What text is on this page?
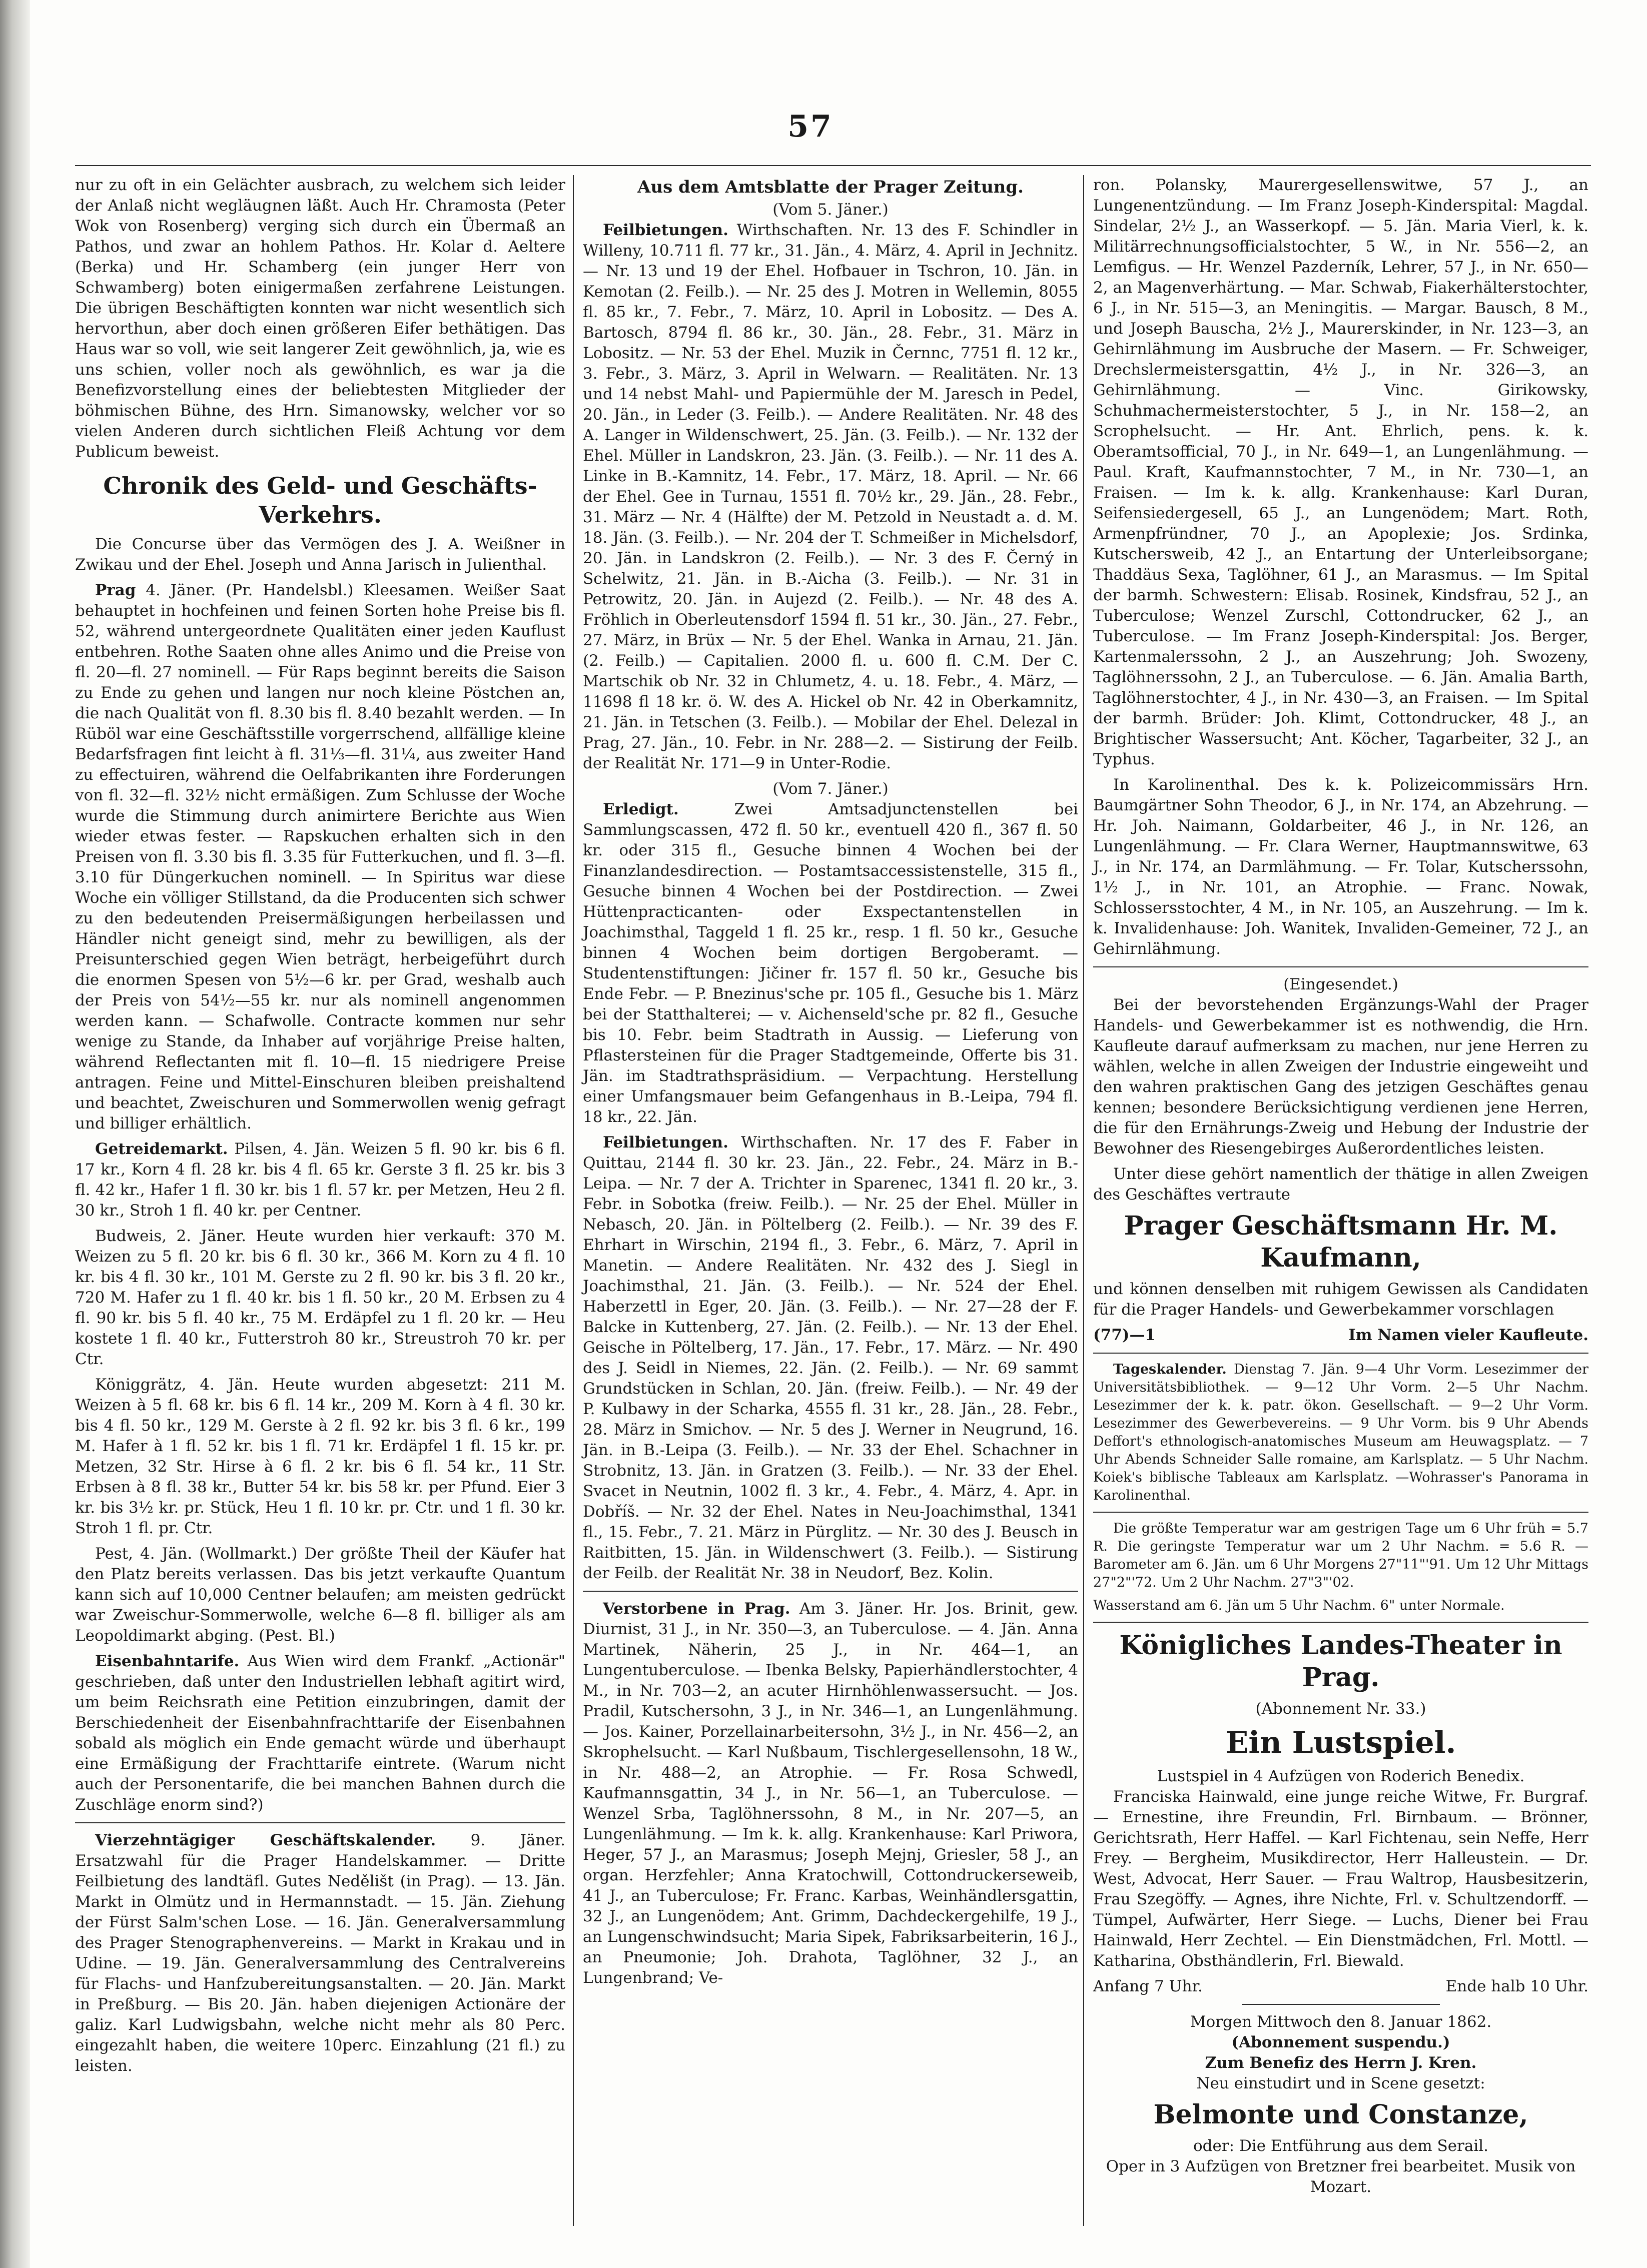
57

nur zu oft in ein Gelächter ausbrach, zu welchem sich leider der Anlaß nicht wegläugnen läßt. Auch Hr. Chramosta (Peter Wok von Rosenberg) verging sich durch ein Übermaß an Pathos, und zwar an hohlem Pathos. Hr. Kolar d. Aeltere (Berka) und Hr. Schamberg (ein junger Herr von Schwamberg) boten einigermaßen zerfahrene Leistungen. Die übrigen Beschäftigten konnten war nicht wesentlich sich hervorthun, aber doch einen größeren Eifer bethätigen. Das Haus war so voll, wie seit langerer Zeit gewöhnlich, ja, wie es uns schien, voller noch als gewöhnlich, es war ja die Benefizvorstellung eines der beliebtesten Mitglieder der böhmischen Bühne, des Hrn. Simanowsky, welcher vor so vielen Anderen durch sichtlichen Fleiß Achtung vor dem Publicum beweist.

Chronik des Geld- und Geschäfts-Verkehrs.

Die Concurse über das Vermögen des J. A. Weißner in Zwikau und der Ehel. Joseph und Anna Jarisch in Julienthal.

Prag 4. Jäner. (Pr. Handelsbl.) Kleesamen. Weißer Saat behauptet in hochfeinen und feinen Sorten hohe Preise bis fl. 52, während untergeordnete Qualitäten einer jeden Kauflust entbehren. Rothe Saaten ohne alles Animo und die Preise von fl. 20—fl. 27 nominell. — Für Raps beginnt bereits die Saison zu Ende zu gehen und langen nur noch kleine Pöstchen an, die nach Qualität von fl. 8.30 bis fl. 8.40 bezahlt werden. — In Rüböl war eine Geschäftsstille vorgerrschend, allfällige kleine Bedarfsfragen fint leicht à fl. 31⅓—fl. 31¼, aus zweiter Hand zu effectuiren, während die Oelfabrikanten ihre Forderungen von fl. 32—fl. 32½ nicht ermäßigen. Zum Schlusse der Woche wurde die Stimmung durch animirtere Berichte aus Wien wieder etwas fester. — Rapskuchen erhalten sich in den Preisen von fl. 3.30 bis fl. 3.35 für Futterkuchen, und fl. 3—fl. 3.10 für Düngerkuchen nominell. — In Spiritus war diese Woche ein völliger Stillstand, da die Producenten sich schwer zu den bedeutenden Preisermäßigungen herbeilassen und Händler nicht geneigt sind, mehr zu bewilligen, als der Preisunterschied gegen Wien beträgt, herbeigeführt durch die enormen Spesen von 5½—6 kr. per Grad, weshalb auch der Preis von 54½—55 kr. nur als nominell angenommen werden kann. — Schafwolle. Contracte kommen nur sehr wenige zu Stande, da Inhaber auf vorjährige Preise halten, während Reflectanten mit fl. 10—fl. 15 niedrigere Preise antragen. Feine und Mittel-Einschuren bleiben preishaltend und beachtet, Zweischuren und Sommerwollen wenig gefragt und billiger erhältlich.

Getreidemarkt. Pilsen, 4. Jän. Weizen 5 fl. 90 kr. bis 6 fl. 17 kr., Korn 4 fl. 28 kr. bis 4 fl. 65 kr. Gerste 3 fl. 25 kr. bis 3 fl. 42 kr., Hafer 1 fl. 30 kr. bis 1 fl. 57 kr. per Metzen, Heu 2 fl. 30 kr., Stroh 1 fl. 40 kr. per Centner.

Budweis, 2. Jäner. Heute wurden hier verkauft: 370 M. Weizen zu 5 fl. 20 kr. bis 6 fl. 30 kr., 366 M. Korn zu 4 fl. 10 kr. bis 4 fl. 30 kr., 101 M. Gerste zu 2 fl. 90 kr. bis 3 fl. 20 kr., 720 M. Hafer zu 1 fl. 40 kr. bis 1 fl. 50 kr., 20 M. Erbsen zu 4 fl. 90 kr. bis 5 fl. 40 kr., 75 M. Erdäpfel zu 1 fl. 20 kr. — Heu kostete 1 fl. 40 kr., Futterstroh 80 kr., Streustroh 70 kr. per Ctr.

Königgrätz, 4. Jän. Heute wurden abgesetzt: 211 M. Weizen à 5 fl. 68 kr. bis 6 fl. 14 kr., 209 M. Korn à 4 fl. 30 kr. bis 4 fl. 50 kr., 129 M. Gerste à 2 fl. 92 kr. bis 3 fl. 6 kr., 199 M. Hafer à 1 fl. 52 kr. bis 1 fl. 71 kr. Erdäpfel 1 fl. 15 kr. pr. Metzen, 32 Str. Hirse à 6 fl. 2 kr. bis 6 fl. 54 kr., 11 Str. Erbsen à 8 fl. 38 kr., Butter 54 kr. bis 58 kr. per Pfund. Eier 3 kr. bis 3½ kr. pr. Stück, Heu 1 fl. 10 kr. pr. Ctr. und 1 fl. 30 kr. Stroh 1 fl. pr. Ctr.

Pest, 4. Jän. (Wollmarkt.) Der größte Theil der Käufer hat den Platz bereits verlassen. Das bis jetzt verkaufte Quantum kann sich auf 10,000 Centner belaufen; am meisten gedrückt war Zweischur-Sommerwolle, welche 6—8 fl. billiger als am Leopoldimarkt abging. (Pest. Bl.)

Eisenbahntarife. Aus Wien wird dem Frankf. „Actionär" geschrieben, daß unter den Industriellen lebhaft agitirt wird, um beim Reichsrath eine Petition einzubringen, damit der Berschiedenheit der Eisenbahnfrachttarife der Eisenbahnen sobald als möglich ein Ende gemacht würde und überhaupt eine Ermäßigung der Frachttarife eintrete. (Warum nicht auch der Personentarife, die bei manchen Bahnen durch die Zuschläge enorm sind?)

Vierzehntägiger Geschäftskalender. 9. Jäner. Ersatzwahl für die Prager Handelskammer. — Dritte Feilbietung des landtäfl. Gutes Nedělišt (in Prag). — 13. Jän. Markt in Olmütz und in Hermannstadt. — 15. Jän. Ziehung der Fürst Salm'schen Lose. — 16. Jän. Generalversammlung des Prager Stenographenvereins. — Markt in Krakau und in Udine. — 19. Jän. Generalversammlung des Centralvereins für Flachs- und Hanfzubereitungsanstalten. — 20. Jän. Markt in Preßburg. — Bis 20. Jän. haben diejenigen Actionäre der galiz. Karl Ludwigsbahn, welche nicht mehr als 80 Perc. eingezahlt haben, die weitere 10perc. Einzahlung (21 fl.) zu leisten.

Aus dem Amtsblatte der Prager Zeitung.
(Vom 5. Jäner.)

Feilbietungen. Wirthschaften. Nr. 13 des F. Schindler in Willeny, 10.711 fl. 77 kr., 31. Jän., 4. März, 4. April in Jechnitz. — Nr. 13 und 19 der Ehel. Hofbauer in Tschron, 10. Jän. in Kemotan (2. Feilb.). — Nr. 25 des J. Motren in Wellemin, 8055 fl. 85 kr., 7. Febr., 7. März, 10. April in Lobositz. — Des A. Bartosch, 8794 fl. 86 kr., 30. Jän., 28. Febr., 31. März in Lobositz. — Nr. 53 der Ehel. Muzik in Černnc, 7751 fl. 12 kr., 3. Febr., 3. März, 3. April in Welwarn. — Realitäten. Nr. 13 und 14 nebst Mahl- und Papiermühle der M. Jaresch in Pedel, 20. Jän., in Leder (3. Feilb.). — Andere Realitäten. Nr. 48 des A. Langer in Wildenschwert, 25. Jän. (3. Feilb.). — Nr. 132 der Ehel. Müller in Landskron, 23. Jän. (3. Feilb.). — Nr. 11 des A. Linke in B.-Kamnitz, 14. Febr., 17. März, 18. April. — Nr. 66 der Ehel. Gee in Turnau, 1551 fl. 70½ kr., 29. Jän., 28. Febr., 31. März — Nr. 4 (Hälfte) der M. Petzold in Neustadt a. d. M. 18. Jän. (3. Feilb.). — Nr. 204 der T. Schmeißer in Michelsdorf, 20. Jän. in Landskron (2. Feilb.). — Nr. 3 des F. Černý in Schelwitz, 21. Jän. in B.-Aicha (3. Feilb.). — Nr. 31 in Petrowitz, 20. Jän. in Aujezd (2. Feilb.). — Nr. 48 des A. Fröhlich in Oberleutensdorf 1594 fl. 51 kr., 30. Jän., 27. Febr., 27. März, in Brüx — Nr. 5 der Ehel. Wanka in Arnau, 21. Jän. (2. Feilb.) — Capitalien. 2000 fl. u. 600 fl. C.M. Der C. Martschik ob Nr. 32 in Chlumetz, 4. u. 18. Febr., 4. März, — 11698 fl 18 kr. ö. W. des A. Hickel ob Nr. 42 in Oberkamnitz, 21. Jän. in Tetschen (3. Feilb.). — Mobilar der Ehel. Delezal in Prag, 27. Jän., 10. Febr. in Nr. 288—2. — Sistirung der Feilb. der Realität Nr. 171—9 in Unter-Rodie.

(Vom 7. Jäner.)

Erledigt.	Zwei Amtsadjunctenstellen bei Sammlungscassen, 472 fl. 50 kr., eventuell 420 fl., 367 fl. 50 kr. oder 315 fl., Gesuche binnen 4 Wochen bei der Finanzlandesdirection. — Postamtsaccessistenstelle, 315 fl., Gesuche binnen 4 Wochen bei der Postdirection. — Zwei Hüttenpracticanten- oder Exspectantenstellen in Joachimsthal, Taggeld 1 fl. 25 kr., resp. 1 fl. 50 kr., Gesuche binnen 4 Wochen beim dortigen Bergoberamt. — Studentenstiftungen: Jičiner fr. 157 fl. 50 kr., Gesuche bis Ende Febr. — P. Bnezinus'sche pr. 105 fl., Gesuche bis 1. März bei der Statthalterei; — v. Aichenseld'sche pr. 82 fl., Gesuche bis 10. Febr. beim Stadtrath in Aussig. — Lieferung von Pflastersteinen für die Prager Stadtgemeinde, Offerte bis 31. Jän. im Stadtrathspräsidium. — Verpachtung. Herstellung einer Umfangsmauer beim Gefangenhaus in B.-Leipa, 794 fl. 18 kr., 22. Jän.

Feilbietungen. Wirthschaften. Nr. 17 des F. Faber in Quittau, 2144 fl. 30 kr. 23. Jän., 22. Febr., 24. März in B.-Leipa. — Nr. 7 der A. Trichter in Sparenec, 1341 fl. 20 kr., 3. Febr. in Sobotka (freiw. Feilb.). — Nr. 25 der Ehel. Müller in Nebasch, 20. Jän. in Pöltelberg (2. Feilb.). — Nr. 39 des F. Ehrhart in Wirschin, 2194 fl., 3. Febr., 6. März, 7. April in Manetin. — Andere Realitäten. Nr. 432 des J. Siegl in Joachimsthal, 21. Jän. (3. Feilb.). — Nr. 524 der Ehel. Haberzettl in Eger, 20. Jän. (3. Feilb.). — Nr. 27—28 der F. Balcke in Kuttenberg, 27. Jän. (2. Feilb.). — Nr. 13 der Ehel. Geische in Pöltelberg, 17. Jän., 17. Febr., 17. März. — Nr. 490 des J. Seidl in Niemes, 22. Jän. (2. Feilb.). — Nr. 69 sammt Grundstücken in Schlan, 20. Jän. (freiw. Feilb.). — Nr. 49 der P. Kulbawy in der Scharka, 4555 fl. 31 kr., 28. Jän., 28. Febr., 28. März in Smichov. — Nr. 5 des J. Werner in Neugrund, 16. Jän. in B.-Leipa (3. Feilb.). — Nr. 33 der Ehel. Schachner in Strobnitz, 13. Jän. in Gratzen (3. Feilb.). — Nr. 33 der Ehel. Svacet in Neutnin, 1002 fl. 3 kr., 4. Febr., 4. März, 4. Apr. in Dobříš. — Nr. 32 der Ehel. Nates in Neu-Joachimsthal, 1341 fl., 15. Febr., 7. 21. März in Pürglitz. — Nr. 30 des J. Beusch in Raitbitten, 15. Jän. in Wildenschwert (3. Feilb.). — Sistirung der Feilb. der Realität Nr. 38 in Neudorf, Bez. Kolin.

Verstorbene in Prag. Am 3. Jäner. Hr. Jos. Brinit, gew. Diurnist, 31 J., in Nr. 350—3, an Tuberculose. — 4. Jän. Anna Martinek, Näherin, 25 J., in Nr. 464—1, an Lungentuberculose. — Ibenka Belsky, Papierhändlerstochter, 4 M., in Nr. 703—2, an acuter Hirnhöhlenwassersucht. — Jos. Pradil, Kutschersohn, 3 J., in Nr. 346—1, an Lungenlähmung. — Jos. Kainer, Porzellainarbeitersohn, 3½ J., in Nr. 456—2, an Skrophelsucht. — Karl Nußbaum, Tischlergesellensohn, 18 W., in Nr. 488—2, an Atrophie. — Fr. Rosa Schwedl, Kaufmannsgattin, 34 J., in Nr. 56—1, an Tuberculose. — Wenzel Srba, Taglöhnerssohn, 8 M., in Nr. 207—5, an Lungenlähmung. — Im k. k. allg. Krankenhause: Karl Priwora, Heger, 57 J., an Marasmus; Joseph Mejnj, Griesler, 58 J., an organ. Herzfehler; Anna Kratochwill, Cottondruckerseweib, 41 J., an Tuberculose; Fr. Franc. Karbas, Weinhändlersgattin, 32 J., an Lungenödem; Ant. Grimm, Dachdeckergehilfe, 19 J., an Lungenschwindsucht; Maria Sipek, Fabriksarbeiterin, 16 J., an Pneumonie; Joh. Drahota, Taglöhner, 32 J., an Lungenbrand; Ve-

ron. Polansky, Maurergesellenswitwe, 57 J., an Lungenentzündung. — Im Franz Joseph-Kinderspital: Magdal. Sindelar, 2½ J., an Wasserkopf. — 5. Jän. Maria Vierl, k. k. Militärrechnungsofficialstochter, 5 W., in Nr. 556—2, an Lemfigus. — Hr. Wenzel Pazderník, Lehrer, 57 J., in Nr. 650—2, an Magenverhärtung. — Mar. Schwab, Fiakerhälterstochter, 6 J., in Nr. 515—3, an Meningitis. — Margar. Bausch, 8 M., und Joseph Bauscha, 2½ J., Maurerskinder, in Nr. 123—3, an Gehirnlähmung im Ausbruche der Masern. — Fr. Schweiger, Drechslermeistersgattin, 4½ J., in Nr. 326—3, an Gehirnlähmung. — Vinc. Girikowsky, Schuhmachermeisterstochter, 5 J., in Nr. 158—2, an Scrophelsucht. — Hr. Ant. Ehrlich, pens. k. k. Oberamtsofficial, 70 J., in Nr. 649—1, an Lungenlähmung. — Paul. Kraft, Kaufmannstochter, 7 M., in Nr. 730—1, an Fraisen. — Im k. k. allg. Krankenhause: Karl Duran, Seifensiedergesell, 65 J., an Lungenödem; Mart. Roth, Armenpfründner, 70 J., an Apoplexie; Jos. Srdinka, Kutschersweib, 42 J., an Entartung der Unterleibsorgane; Thaddäus Sexa, Taglöhner, 61 J., an Marasmus. — Im Spital der barmh. Schwestern: Elisab. Rosinek, Kindsfrau, 52 J., an Tuberculose; Wenzel Zurschl, Cottondrucker, 62 J., an Tuberculose. — Im Franz Joseph-Kinderspital: Jos. Berger, Kartenmalerssohn, 2 J., an Auszehrung; Joh. Swozeny, Taglöhnerssohn, 2 J., an Tuberculose. — 6. Jän. Amalia Barth, Taglöhnerstochter, 4 J., in Nr. 430—3, an Fraisen. — Im Spital der barmh. Brüder: Joh. Klimt, Cottondrucker, 48 J., an Brightischer Wassersucht; Ant. Köcher, Tagarbeiter, 32 J., an Typhus.

In Karolinenthal. Des k. k. Polizeicommissärs Hrn. Baumgärtner Sohn Theodor, 6 J., in Nr. 174, an Abzehrung. — Hr. Joh. Naimann, Goldarbeiter, 46 J., in Nr. 126, an Lungenlähmung. — Fr. Clara Werner, Hauptmannswitwe, 63 J., in Nr. 174, an Darmlähmung. — Fr. Tolar, Kutscherssohn, 1½ J., in Nr. 101, an Atrophie. — Franc. Nowak, Schlossersstochter, 4 M., in Nr. 105, an Auszehrung. — Im k. k. Invalidenhause: Joh. Wanitek, Invaliden-Gemeiner, 72 J., an Gehirnlähmung.

(Eingesendet.)

Bei der bevorstehenden Ergänzungs-Wahl der Prager Handels- und Gewerbekammer ist es nothwendig, die Hrn. Kaufleute darauf aufmerksam zu machen, nur jene Herren zu wählen, welche in allen Zweigen der Industrie eingeweiht und den wahren praktischen Gang des jetzigen Geschäftes genau kennen; besondere Berücksichtigung verdienen jene Herren, die für den Ernährungs-Zweig und Hebung der Industrie der Bewohner des Riesengebirges Außerordentliches leisten.

Unter diese gehört namentlich der thätige in allen Zweigen des Geschäftes vertraute

Prager Geschäftsmann Hr. M. Kaufmann,

und können denselben mit ruhigem Gewissen als Candidaten für die Prager Handels- und Gewerbekammer vorschlagen

(77)—1	Im Namen vieler Kaufleute.

Tageskalender. Dienstag 7. Jän. 9—4 Uhr Vorm. Lesezimmer der Universitätsbibliothek. — 9—12 Uhr Vorm. 2—5 Uhr Nachm. Lesezimmer der k. k. patr. ökon. Gesellschaft. — 9—2 Uhr Vorm. Lesezimmer des Gewerbevereins. — 9 Uhr Vorm. bis 9 Uhr Abends Deffort's ethnologisch-anatomisches Museum am Heuwagsplatz. — 7 Uhr Abends Schneider Salle romaine, am Karlsplatz. — 5 Uhr Nachm. Koiek's biblische Tableaux am Karlsplatz. —Wohrasser's Panorama in Karolinenthal.

Die größte Temperatur war am gestrigen Tage um 6 Uhr früh = 5.7 R. Die geringste Temperatur war um 2 Uhr Nachm. = 5.6 R. — Barometer am 6. Jän. um 6 Uhr Morgens 27"11"'91. Um 12 Uhr Mittags 27"2"'72. Um 2 Uhr Nachm. 27"3"'02.

Wasserstand am 6. Jän um 5 Uhr Nachm. 6" unter Normale.

Königliches Landes-Theater in Prag.
(Abonnement Nr. 33.)
Ein Lustspiel.
Lustspiel in 4 Aufzügen von Roderich Benedix.

Franciska Hainwald, eine junge reiche Witwe, Fr. Burgraf. — Ernestine, ihre Freundin, Frl. Birnbaum. — Brönner, Gerichtsrath, Herr Haffel. — Karl Fichtenau, sein Neffe, Herr Frey. — Bergheim, Musikdirector, Herr Halleustein. — Dr. West, Advocat, Herr Sauer. — Frau Waltrop, Hausbesitzerin, Frau Szegöffy. — Agnes, ihre Nichte, Frl. v. Schultzendorff. — Tümpel, Aufwärter, Herr Siege. — Luchs, Diener bei Frau Hainwald, Herr Zechtel. — Ein Dienstmädchen, Frl. Mottl. — Katharina, Obsthändlerin, Frl. Biewald.

Anfang 7 Uhr.	Ende halb 10 Uhr.
Morgen Mittwoch den 8. Januar 1862.
(Abonnement suspendu.)
Zum Benefiz des Herrn J. Kren.
Neu einstudirt und in Scene gesetzt:
Belmonte und Constanze,
oder: Die Entführung aus dem Serail.
Oper in 3 Aufzügen von Bretzner frei bearbeitet. Musik von Mozart.
